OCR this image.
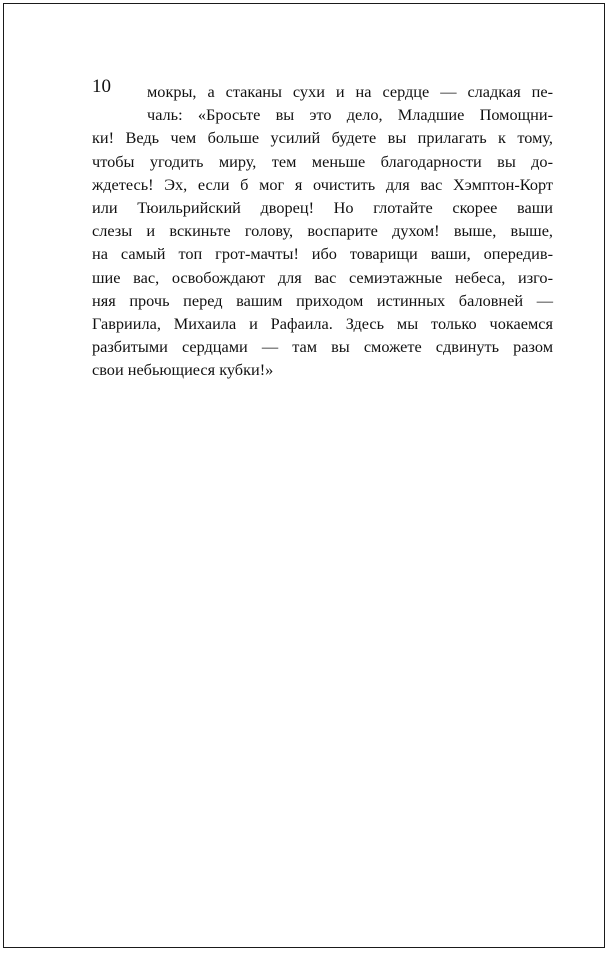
10	мокры, а стаканы сухи и на сердце — сладкая пе-
чаль: «Бросьте вы это дело, Младшие Помощни-
ки! Ведь чем больше усилий будете вы прилагать к тому,
чтобы угодить миру, тем меньше благодарности вы до-
ждетесь! Эх, если б мог я очистить для вас Хэмптон-Корт
или Тюильрийский дворец! Но глотайте скорее ваши
слезы и вскиньте голову, воспарите духом! выше, выше,
на самый топ грот-мачты! ибо товарищи ваши, опередив-
шие вас, освобождают для вас семиэтажные небеса, изго-
няя прочь перед вашим приходом истинных баловней —
Гавриила, Михаила и Рафаила. Здесь мы только чокаемся
разбитыми сердцами — там вы сможете сдвинуть разом
свои небьющиеся кубки!»
